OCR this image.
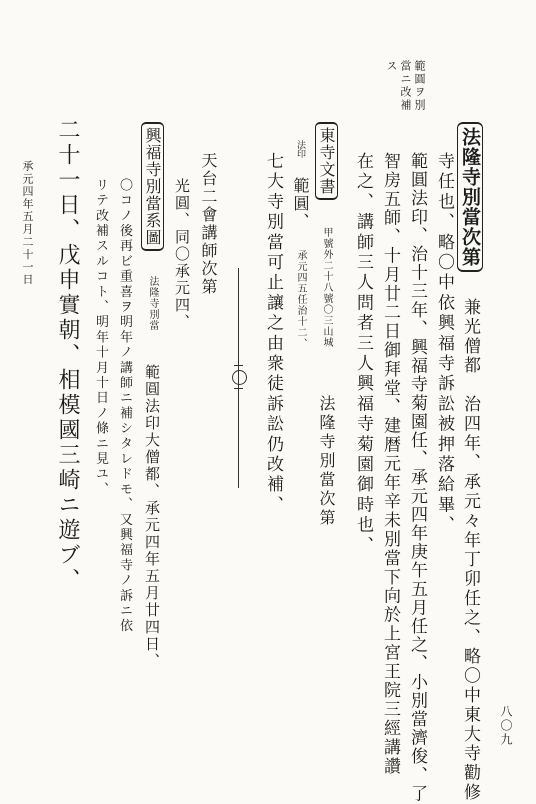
範圓ヲ別
當ニ改補
ス
法隆寺別當次第 兼光僧都　治四年、承元々年丁卯任之、略〇中東大寺勸修
寺任也、略〇中依興福寺訴訟被押落給畢、
範圓法印、治十三年、興福寺菊園任、承元四年庚午五月任之、小別當濟俊、了
智房五師、十月廿二日御拜堂、建暦元年辛未別當下向於上宮王院三經講讚
在之、講師三人問者三人興福寺菊園御時也、
東寺文書 甲號外二十八號〇三山城 法隆寺別當次第
法印 範圓、 承元四五任治十二、
七大寺別當可止讓之由衆徒訴訟仍改補、
天台二會講師次第
光圓、同〇承元四、
興福寺別當系圖 法隆寺別當 範圓法印大僧都、承元四年五月廿四日、
〇コノ後再ビ重喜ヲ明年ノ講師ニ補シタレドモ、又興福寺ノ訴ニ依
リテ改補スルコト、明年十月十日ノ條ニ見ユ、
二十一日、戊申實朝、相模國三崎ニ遊ブ、
承元四年五月二十一日
八〇九
